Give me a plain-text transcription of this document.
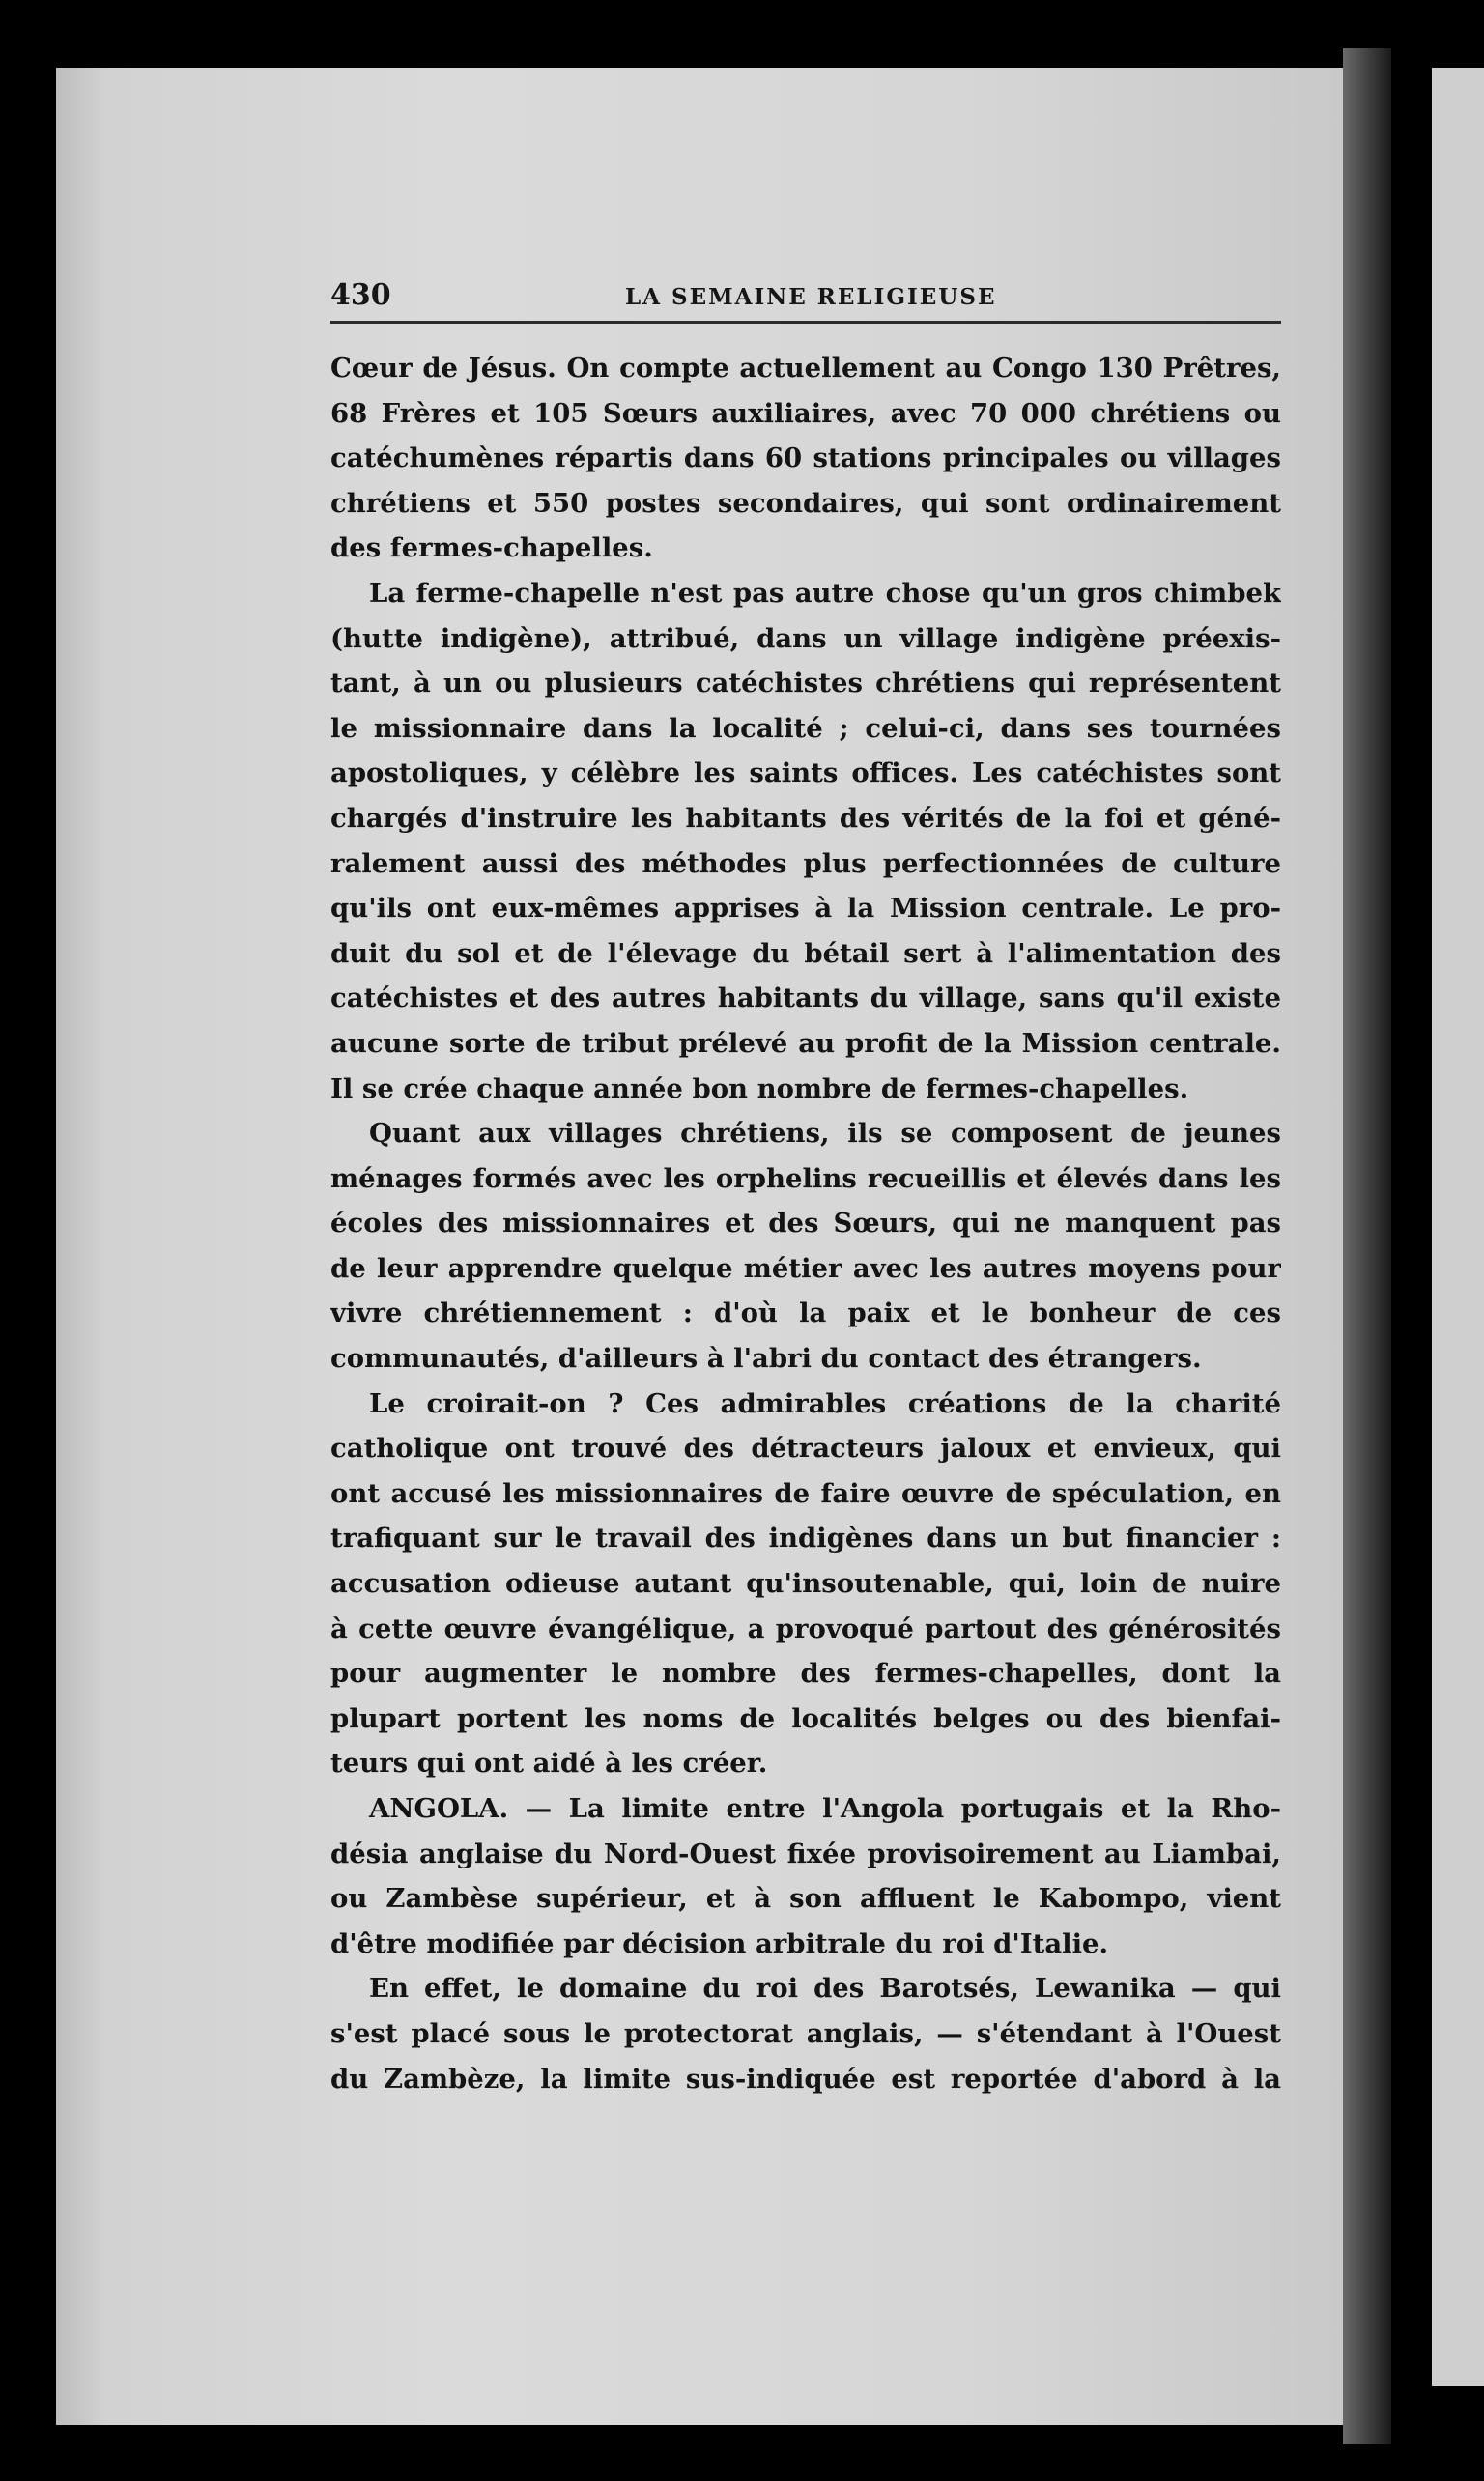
430	LA SEMAINE RELIGIEUSE
Cœur de Jésus. On compte actuellement au Congo 130 Prêtres,
68 Frères et 105 Sœurs auxiliaires, avec 70 000 chrétiens ou
catéchumènes répartis dans 60 stations principales ou villages
chrétiens et 550 postes secondaires, qui sont ordinairement
des fermes-chapelles.
La ferme-chapelle n'est pas autre chose qu'un gros chimbek
(hutte indigène), attribué, dans un village indigène préexis-
tant, à un ou plusieurs catéchistes chrétiens qui représentent
le missionnaire dans la localité ; celui-ci, dans ses tournées
apostoliques, y célèbre les saints offices. Les catéchistes sont
chargés d'instruire les habitants des vérités de la foi et géné-
ralement aussi des méthodes plus perfectionnées de culture
qu'ils ont eux-mêmes apprises à la Mission centrale. Le pro-
duit du sol et de l'élevage du bétail sert à l'alimentation des
catéchistes et des autres habitants du village, sans qu'il existe
aucune sorte de tribut prélevé au profit de la Mission centrale.
Il se crée chaque année bon nombre de fermes-chapelles.
Quant aux villages chrétiens, ils se composent de jeunes
ménages formés avec les orphelins recueillis et élevés dans les
écoles des missionnaires et des Sœurs, qui ne manquent pas
de leur apprendre quelque métier avec les autres moyens pour
vivre chrétiennement : d'où la paix et le bonheur de ces
communautés, d'ailleurs à l'abri du contact des étrangers.
Le croirait-on ? Ces admirables créations de la charité
catholique ont trouvé des détracteurs jaloux et envieux, qui
ont accusé les missionnaires de faire œuvre de spéculation, en
trafiquant sur le travail des indigènes dans un but financier :
accusation odieuse autant qu'insoutenable, qui, loin de nuire
à cette œuvre évangélique, a provoqué partout des générosités
pour augmenter le nombre des fermes-chapelles, dont la
plupart portent les noms de localités belges ou des bienfai-
teurs qui ont aidé à les créer.
ANGOLA. — La limite entre l'Angola portugais et la Rho-
désia anglaise du Nord-Ouest fixée provisoirement au Liambai,
ou Zambèse supérieur, et à son affluent le Kabompo, vient
d'être modifiée par décision arbitrale du roi d'Italie.
En effet, le domaine du roi des Barotsés, Lewanika — qui
s'est placé sous le protectorat anglais, — s'étendant à l'Ouest
du Zambèze, la limite sus-indiquée est reportée d'abord à la
